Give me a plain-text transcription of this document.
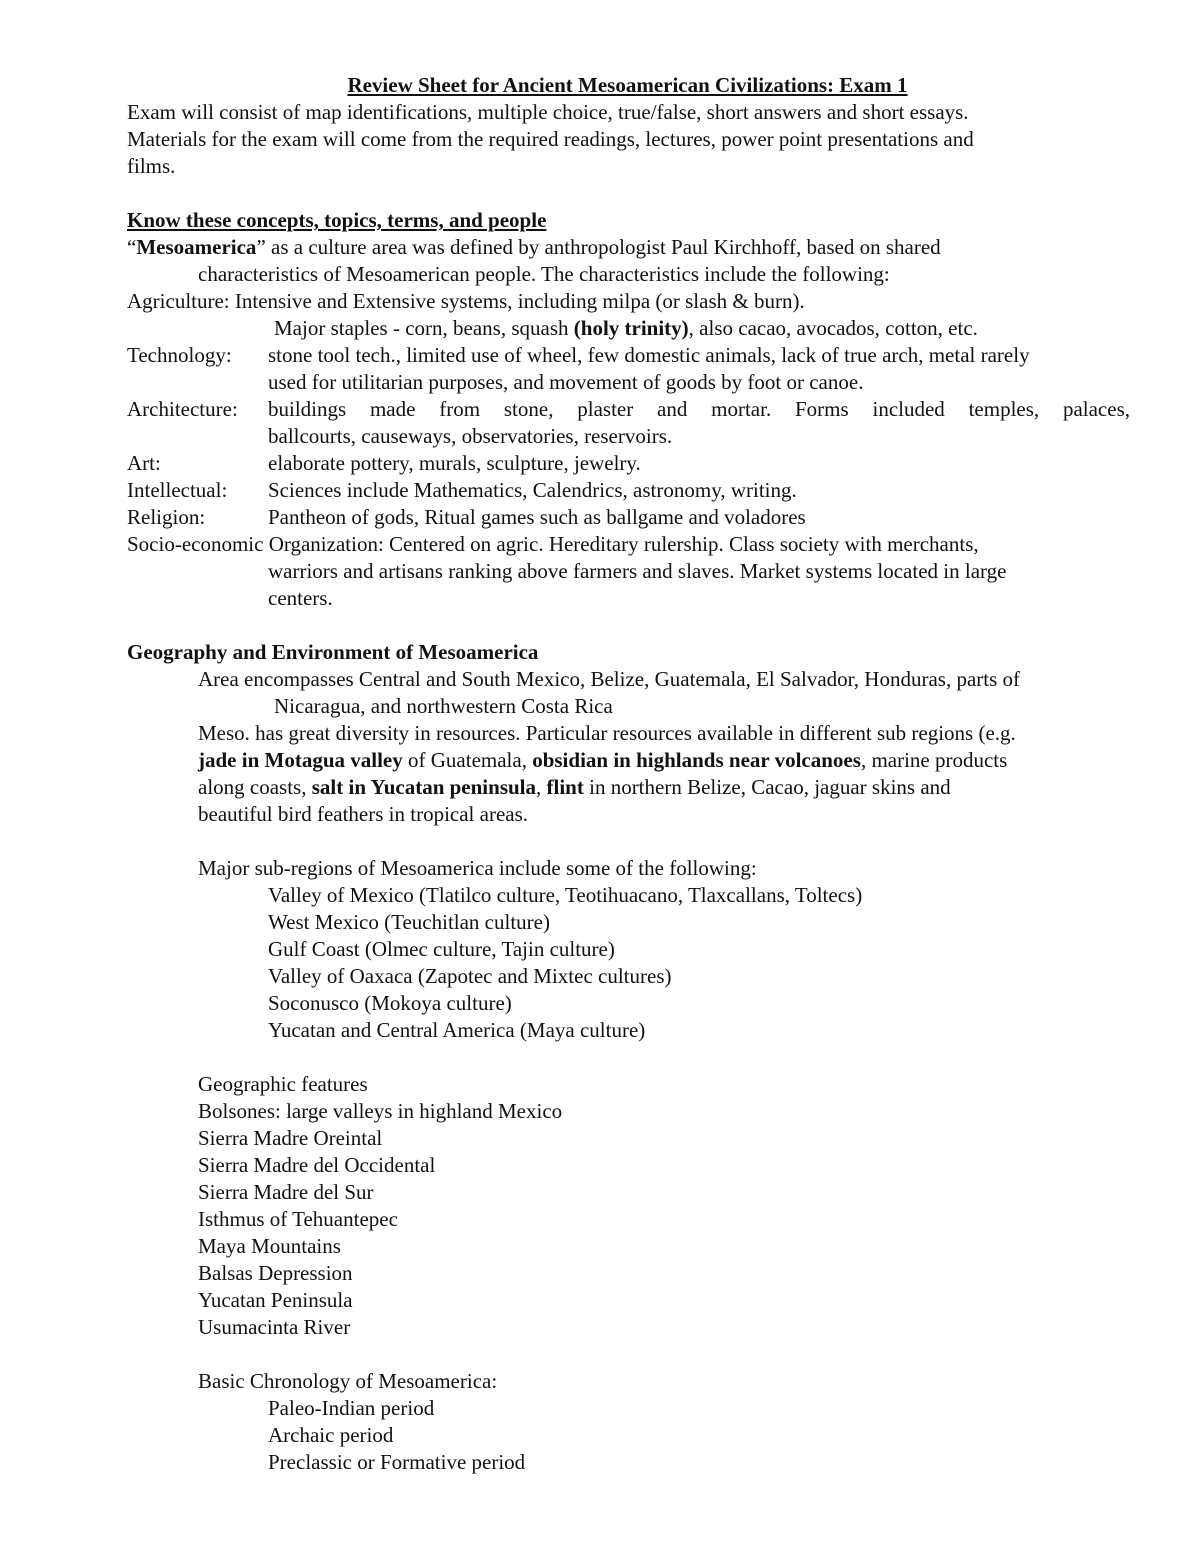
Review Sheet for Ancient Mesoamerican Civilizations: Exam 1
Exam will consist of map identifications, multiple choice, true/false, short answers and short essays.
Materials for the exam will come from the required readings, lectures, power point presentations and
films.
Know these concepts, topics, terms, and people
“Mesoamerica” as a culture area was defined by anthropologist Paul Kirchhoff, based on shared
characteristics of Mesoamerican people. The characteristics include the following:
Agriculture: Intensive and Extensive systems, including milpa (or slash & burn).
Major staples - corn, beans, squash (holy trinity), also cacao, avocados, cotton, etc.
Technology: stone tool tech., limited use of wheel, few domestic animals, lack of true arch, metal rarely
used for utilitarian purposes, and movement of goods by foot or canoe.
Architecture: buildings made from stone, plaster and mortar. Forms included temples, palaces,
ballcourts, causeways, observatories, reservoirs.
Art:	elaborate pottery, murals, sculpture, jewelry.
Intellectual: Sciences include Mathematics, Calendrics, astronomy, writing.
Religion:	Pantheon of gods, Ritual games such as ballgame and voladores
Socio-economic Organization: Centered on agric. Hereditary rulership. Class society with merchants,
warriors and artisans ranking above farmers and slaves. Market systems located in large
centers.
Geography and Environment of Mesoamerica
Area encompasses Central and South Mexico, Belize, Guatemala, El Salvador, Honduras, parts of
Nicaragua, and northwestern Costa Rica
Meso. has great diversity in resources. Particular resources available in different sub regions (e.g.
jade in Motagua valley of Guatemala, obsidian in highlands near volcanoes, marine products
along coasts, salt in Yucatan peninsula, flint in northern Belize, Cacao, jaguar skins and
beautiful bird feathers in tropical areas.
Major sub-regions of Mesoamerica include some of the following:
Valley of Mexico (Tlatilco culture, Teotihuacano, Tlaxcallans, Toltecs)
West Mexico (Teuchitlan culture)
Gulf Coast (Olmec culture, Tajin culture)
Valley of Oaxaca (Zapotec and Mixtec cultures)
Soconusco (Mokoya culture)
Yucatan and Central America (Maya culture)
Geographic features
Bolsones: large valleys in highland Mexico
Sierra Madre Oreintal
Sierra Madre del Occidental
Sierra Madre del Sur
Isthmus of Tehuantepec
Maya Mountains
Balsas Depression
Yucatan Peninsula
Usumacinta River
Basic Chronology of Mesoamerica:
Paleo-Indian period
Archaic period
Preclassic or Formative period
